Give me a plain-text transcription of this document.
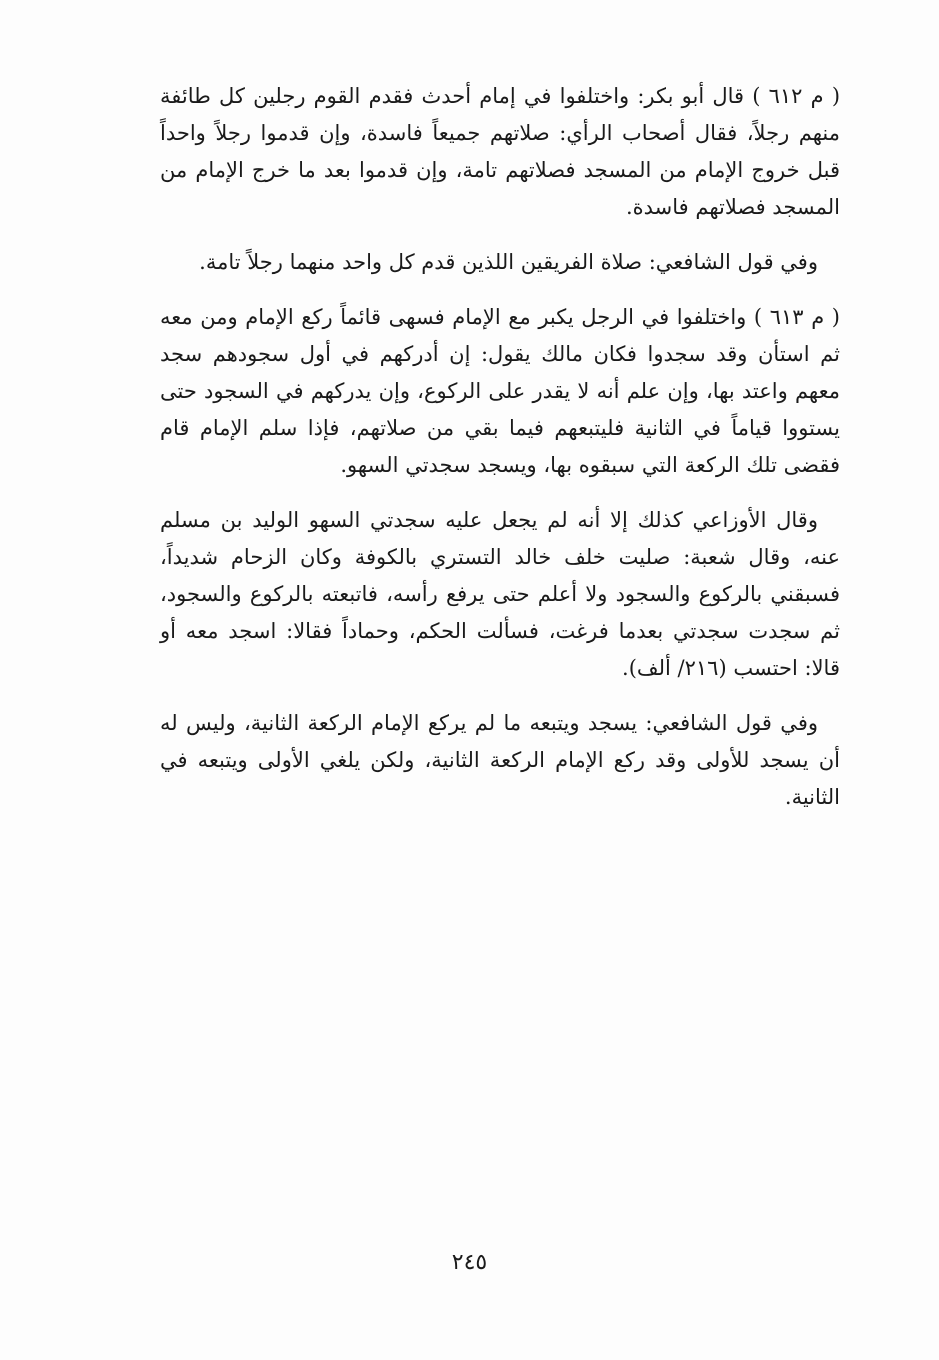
( م ٦١٢ ) قال أبو بكر: واختلفوا في إمام أحدث فقدم القوم رجلين كل طائفة منهم رجلاً، فقال أصحاب الرأي: صلاتهم جميعاً فاسدة، وإن قدموا رجلاً واحداً قبل خروج الإمام من المسجد فصلاتهم تامة، وإن قدموا بعد ما خرج الإمام من المسجد فصلاتهم فاسدة.

وفي قول الشافعي: صلاة الفريقين اللذين قدم كل واحد منهما رجلاً تامة.

( م ٦١٣ ) واختلفوا في الرجل يكبر مع الإمام فسهى قائماً ركع الإمام ومن معه ثم استأن وقد سجدوا فكان مالك يقول: إن أدركهم في أول سجودهم سجد معهم واعتد بها، وإن علم أنه لا يقدر على الركوع، وإن يدركهم في السجود حتى يستووا قياماً في الثانية فليتبعهم فيما بقي من صلاتهم، فإذا سلم الإمام قام فقضى تلك الركعة التي سبقوه بها، ويسجد سجدتي السهو.

وقال الأوزاعي كذلك إلا أنه لم يجعل عليه سجدتي السهو الوليد بن مسلم عنه، وقال شعبة: صليت خلف خالد التستري بالكوفة وكان الزحام شديداً، فسبقني بالركوع والسجود ولا أعلم حتى يرفع رأسه، فاتبعته بالركوع والسجود، ثم سجدت سجدتي بعدما فرغت، فسألت الحكم، وحماداً فقالا: اسجد معه أو قالا: احتسب (٢١٦/ ألف).

وفي قول الشافعي: يسجد ويتبعه ما لم يركع الإمام الركعة الثانية، وليس له أن يسجد للأولى وقد ركع الإمام الركعة الثانية، ولكن يلغي الأولى ويتبعه في الثانية.

٢٤٥
